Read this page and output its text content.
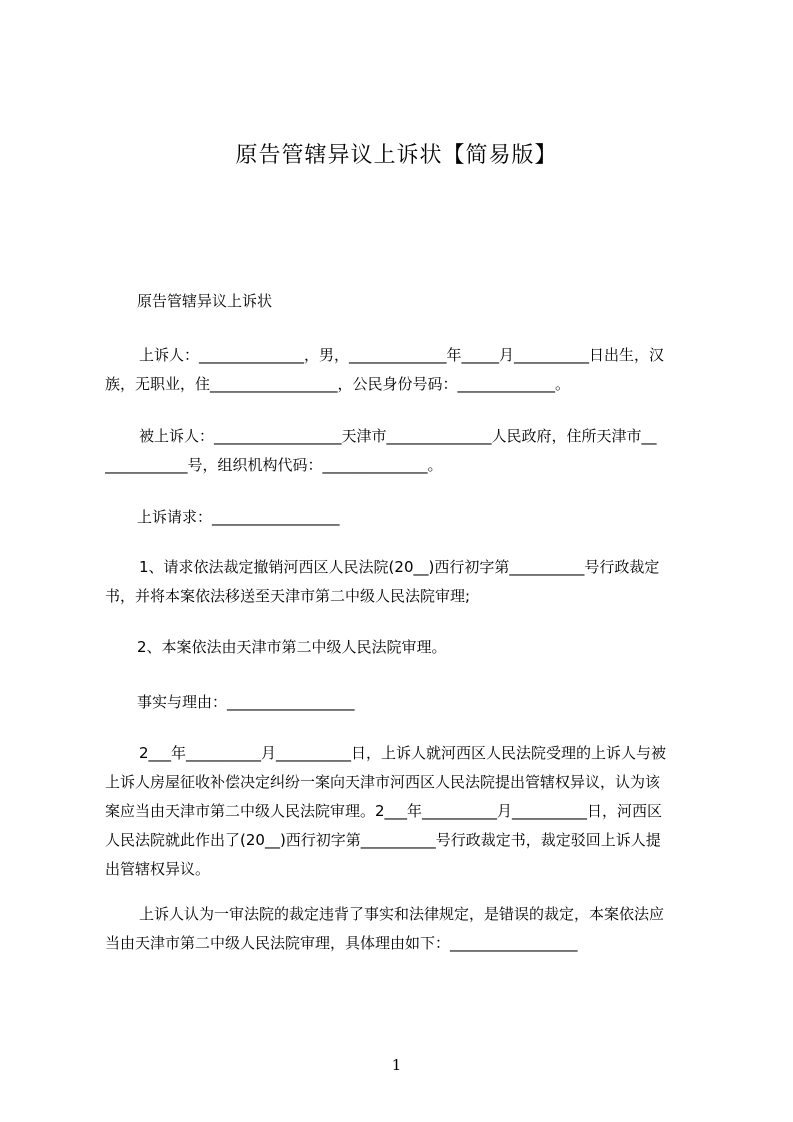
原告管辖异议上诉状【简易版】
原告管辖异议上诉状
上诉人：______________，男，_____________年_____月__________日出生，汉
族，无职业，住_________________，公民身份号码：_____________。
被上诉人：_________________天津市______________人民政府，住所天津市__
___________号，组织机构代码：______________。
上诉请求：_________________
1、请求依法裁定撤销河西区人民法院(20__)西行初字第__________号行政裁定
书，并将本案依法移送至天津市第二中级人民法院审理;
2、本案依法由天津市第二中级人民法院审理。
事实与理由：_________________
2___年__________月__________日，上诉人就河西区人民法院受理的上诉人与被
上诉人房屋征收补偿决定纠纷一案向天津市河西区人民法院提出管辖权异议，认为该
案应当由天津市第二中级人民法院审理。2___年__________月__________日，河西区
人民法院就此作出了(20__)西行初字第__________号行政裁定书，裁定驳回上诉人提
出管辖权异议。
上诉人认为一审法院的裁定违背了事实和法律规定，是错误的裁定，本案依法应
当由天津市第二中级人民法院审理，具体理由如下：_________________
1
